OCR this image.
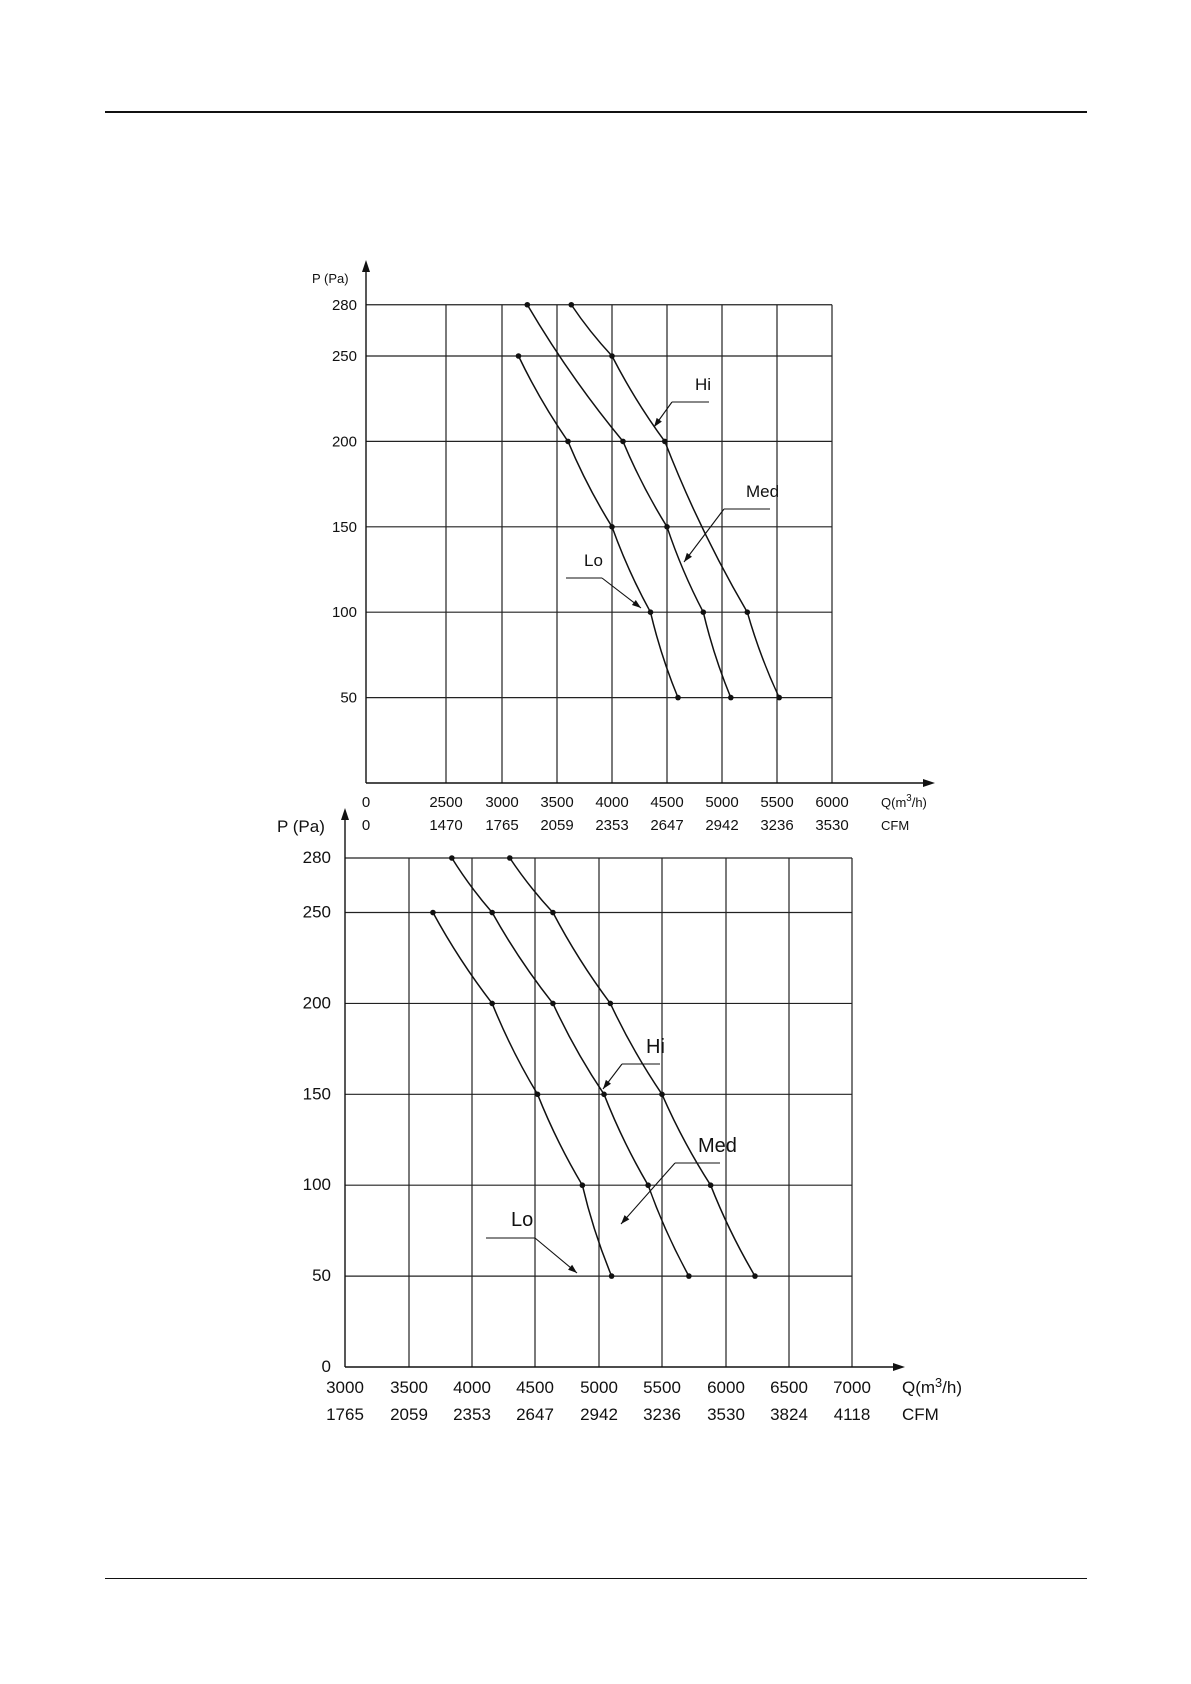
P (Pa)
280
250
200
150
100
50
0
0
2500
1470
3000
1765
3500
2059
4000
2353
4500
2647
5000
2942
5500
3236
6000
3530
$Q(m^3/h)$
CFM
Lo
Med
Hi
P (Pa)
280
250
200
150
100
50
0
3000
1765
3500
2059
4000
2353
4500
2647
5000
2942
5500
3236
6000
3530
6500
3824
7000
4118
$Q(m^3/h)$
CFM
Lo
Med
Hi
